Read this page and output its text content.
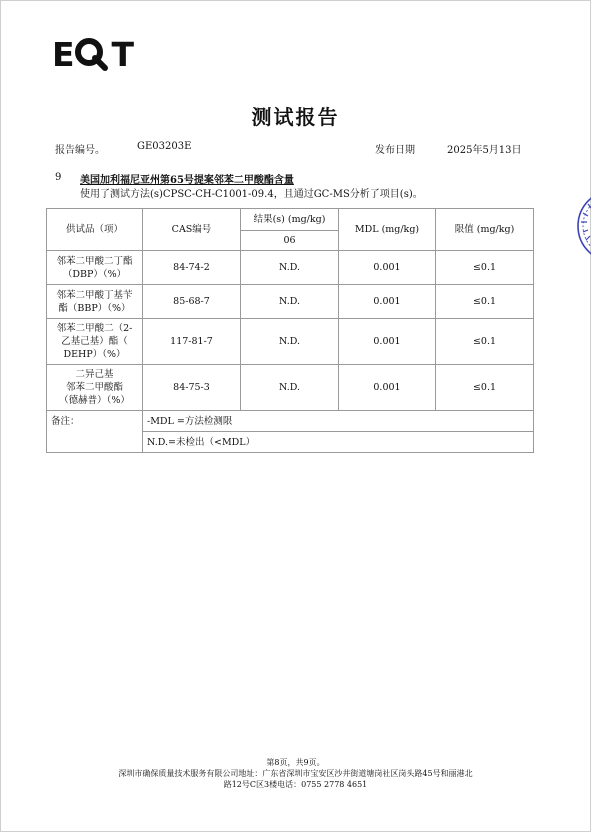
E T
测试报告
报告编号。	GE03203E	发布日期	2025年5月13日
9 美国加利福尼亚州第65号提案邻苯二甲酸酯含量
使用了测试方法(s)CPSC-CH-C1001-09.4，且通过GC-MS分析了项目(s)。
供试品（项）	CAS编号	结果(s) (mg/kg)	MDL (mg/kg)	限值 (mg/kg)
		06		

邻苯二甲酸二丁酯
（DBP）（%）	84-74-2	N.D.	0.001	≤0.1

邻苯二甲酸丁基苄
酯（BBP）（%）	85-68-7	N.D.	0.001	≤0.1

邻苯二甲酸二（2-
乙基己基）酯（
DEHP）（%）	117-81-7	N.D.	0.001	≤0.1

二异己基
邻苯二甲酸酯
（德赫普）（%）	84-75-3	N.D.	0.001	≤0.1
备注：	-MDL =方法检测限			
	N.D.=未检出（<MDL）			
第8页，共9页。
深圳市确保质量技术服务有限公司地址：广东省深圳市宝安区沙井街道塘岗社区岗头路45号和丽港北
路12号C区3楼电话：0755 2778 4651
